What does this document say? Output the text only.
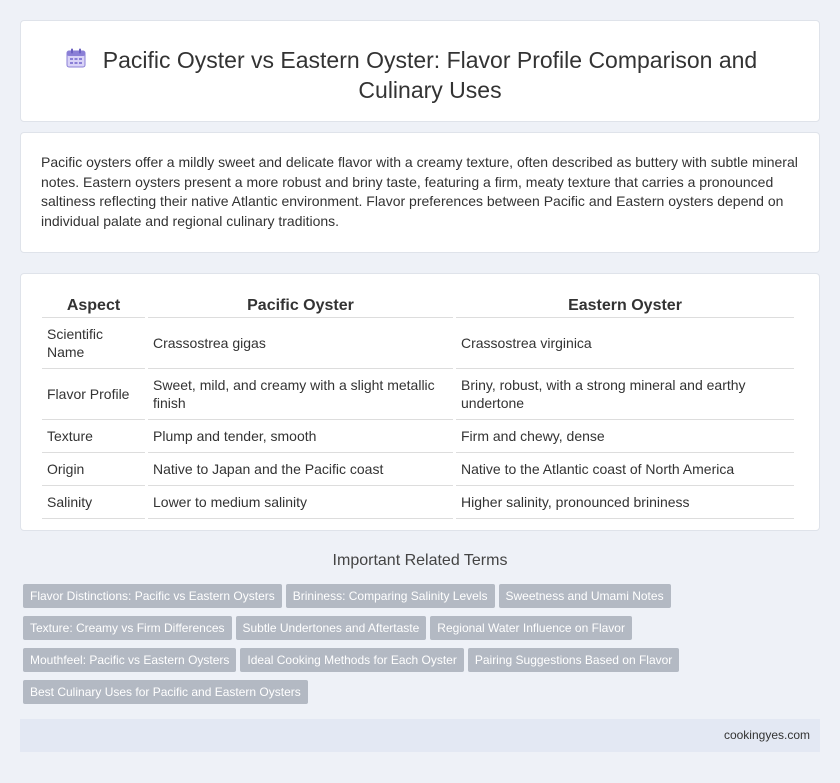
Pacific Oyster vs Eastern Oyster: Flavor Profile Comparison and Culinary Uses

Pacific oysters offer a mildly sweet and delicate flavor with a creamy texture, often described as buttery with subtle mineral notes. Eastern oysters present a more robust and briny taste, featuring a firm, meaty texture that carries a pronounced saltiness reflecting their native Atlantic environment. Flavor preferences between Pacific and Eastern oysters depend on individual palate and regional culinary traditions.

Aspect	Pacific Oyster	Eastern Oyster
Scientific Name	Crassostrea gigas	Crassostrea virginica
Flavor Profile	Sweet, mild, and creamy with a slight metallic finish	Briny, robust, with a strong mineral and earthy undertone
Texture	Plump and tender, smooth	Firm and chewy, dense
Origin	Native to Japan and the Pacific coast	Native to the Atlantic coast of North America
Salinity	Lower to medium salinity	Higher salinity, pronounced brininess
Important Related Terms
Flavor Distinctions: Pacific vs Eastern Oysters Brininess: Comparing Salinity Levels Sweetness and Umami Notes
Texture: Creamy vs Firm Differences Subtle Undertones and Aftertaste Regional Water Influence on Flavor
Mouthfeel: Pacific vs Eastern Oysters Ideal Cooking Methods for Each Oyster Pairing Suggestions Based on Flavor
Best Culinary Uses for Pacific and Eastern Oysters
cookingyes.com
